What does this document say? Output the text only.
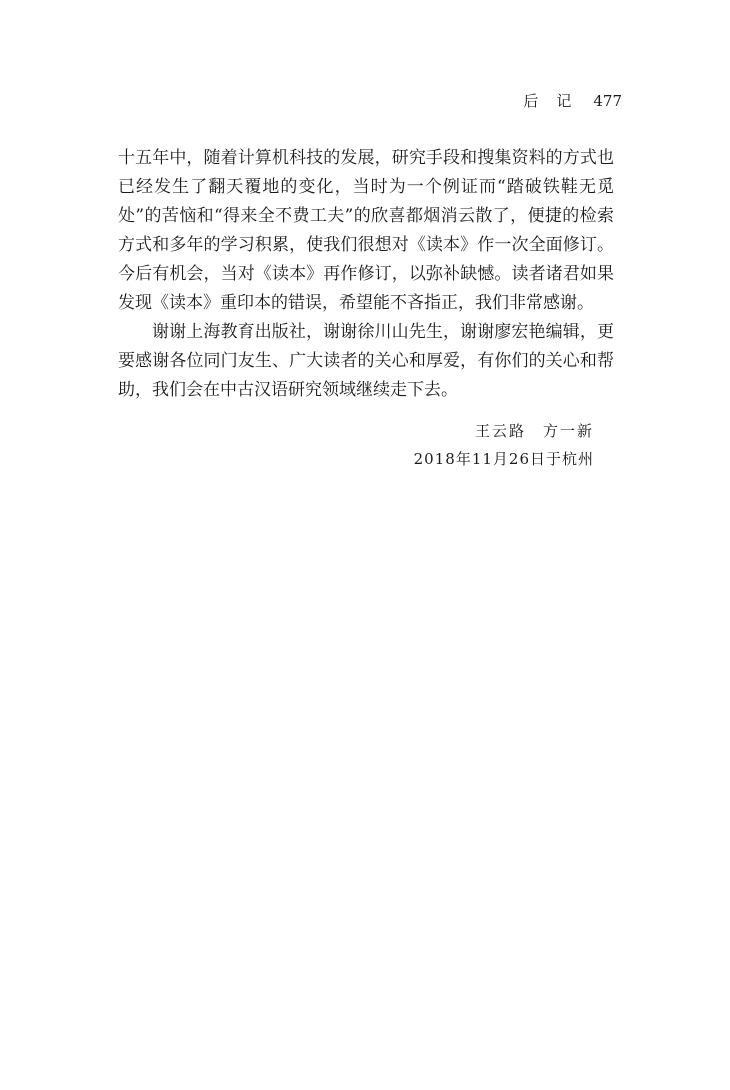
后记 477

十五年中，随着计算机科技的发展，研究手段和搜集资料的方式也已经发生了翻天覆地的变化，当时为一个例证而“踏破铁鞋无觅处”的苦恼和“得来全不费工夫”的欣喜都烟消云散了，便捷的检索方式和多年的学习积累，使我们很想对《读本》作一次全面修订。今后有机会，当对《读本》再作修订，以弥补缺憾。读者诸君如果发现《读本》重印本的错误，希望能不吝指正，我们非常感谢。

谢谢上海教育出版社，谢谢徐川山先生，谢谢廖宏艳编辑，更要感谢各位同门友生、广大读者的关心和厚爱，有你们的关心和帮助，我们会在中古汉语研究领域继续走下去。

王云路　方一新
2018年11月26日于杭州
